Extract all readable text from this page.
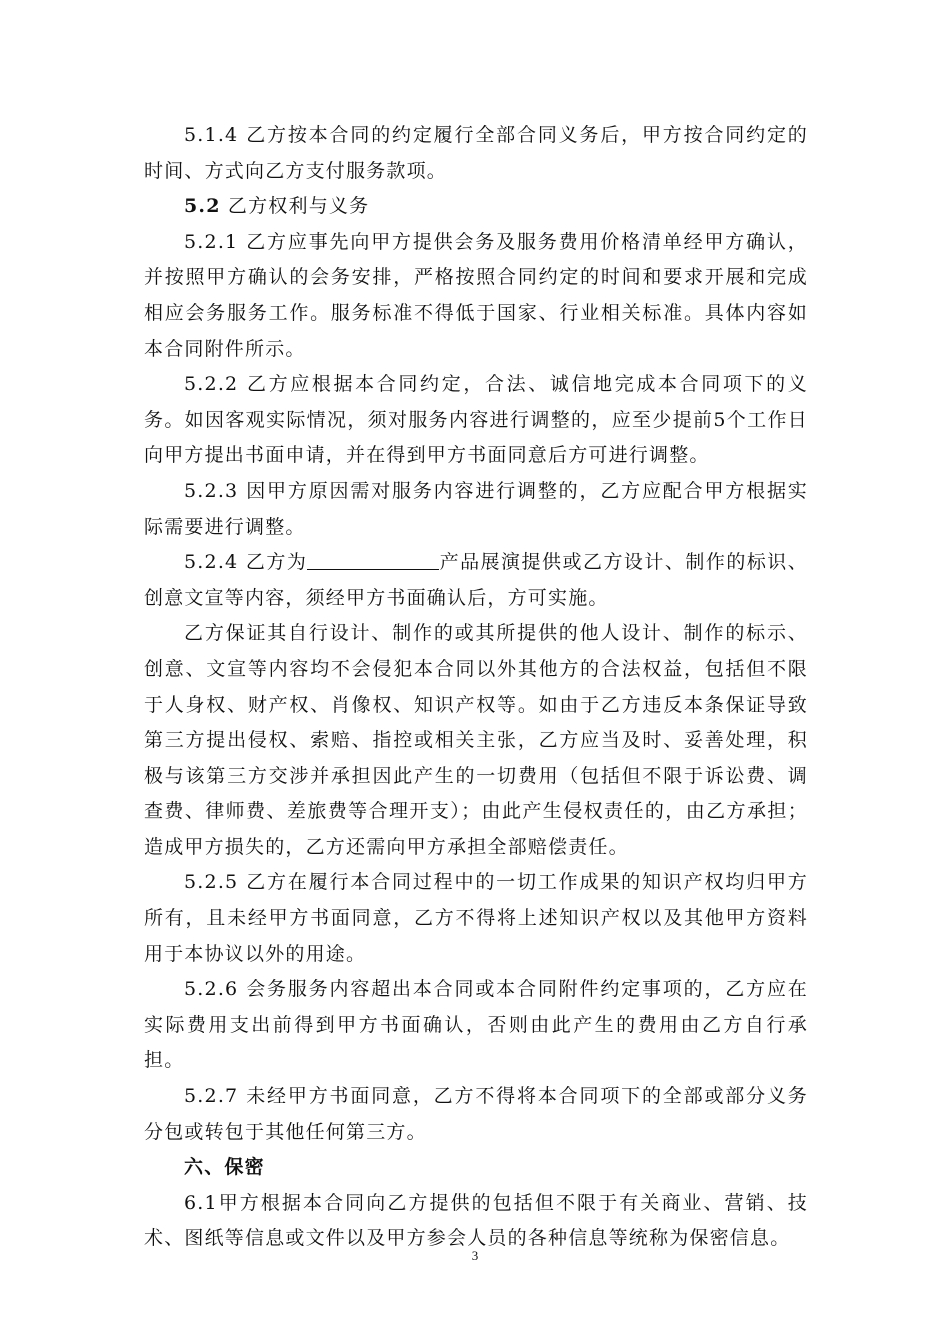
5.1.4 乙方按本合同的约定履行全部合同义务后，甲方按合同约定的时间、方式向乙方支付服务款项。

5.2 乙方权利与义务

5.2.1 乙方应事先向甲方提供会务及服务费用价格清单经甲方确认，并按照甲方确认的会务安排，严格按照合同约定的时间和要求开展和完成相应会务服务工作。服务标准不得低于国家、行业相关标准。具体内容如本合同附件所示。

5.2.2 乙方应根据本合同约定，合法、诚信地完成本合同项下的义务。如因客观实际情况，须对服务内容进行调整的，应至少提前5个工作日向甲方提出书面申请，并在得到甲方书面同意后方可进行调整。

5.2.3 因甲方原因需对服务内容进行调整的，乙方应配合甲方根据实际需要进行调整。

5.2.4 乙方为	产品展演提供或乙方设计、制作的标识、创意文宣等内容，须经甲方书面确认后，方可实施。

乙方保证其自行设计、制作的或其所提供的他人设计、制作的标示、创意、文宣等内容均不会侵犯本合同以外其他方的合法权益，包括但不限于人身权、财产权、肖像权、知识产权等。如由于乙方违反本条保证导致第三方提出侵权、索赔、指控或相关主张，乙方应当及时、妥善处理，积极与该第三方交涉并承担因此产生的一切费用（包括但不限于诉讼费、调查费、律师费、差旅费等合理开支）；由此产生侵权责任的，由乙方承担；造成甲方损失的，乙方还需向甲方承担全部赔偿责任。

5.2.5 乙方在履行本合同过程中的一切工作成果的知识产权均归甲方所有，且未经甲方书面同意，乙方不得将上述知识产权以及其他甲方资料用于本协议以外的用途。

5.2.6 会务服务内容超出本合同或本合同附件约定事项的，乙方应在实际费用支出前得到甲方书面确认，否则由此产生的费用由乙方自行承担。

5.2.7 未经甲方书面同意，乙方不得将本合同项下的全部或部分义务分包或转包于其他任何第三方。

六、保密

6.1甲方根据本合同向乙方提供的包括但不限于有关商业、营销、技术、图纸等信息或文件以及甲方参会人员的各种信息等统称为保密信息。

3
